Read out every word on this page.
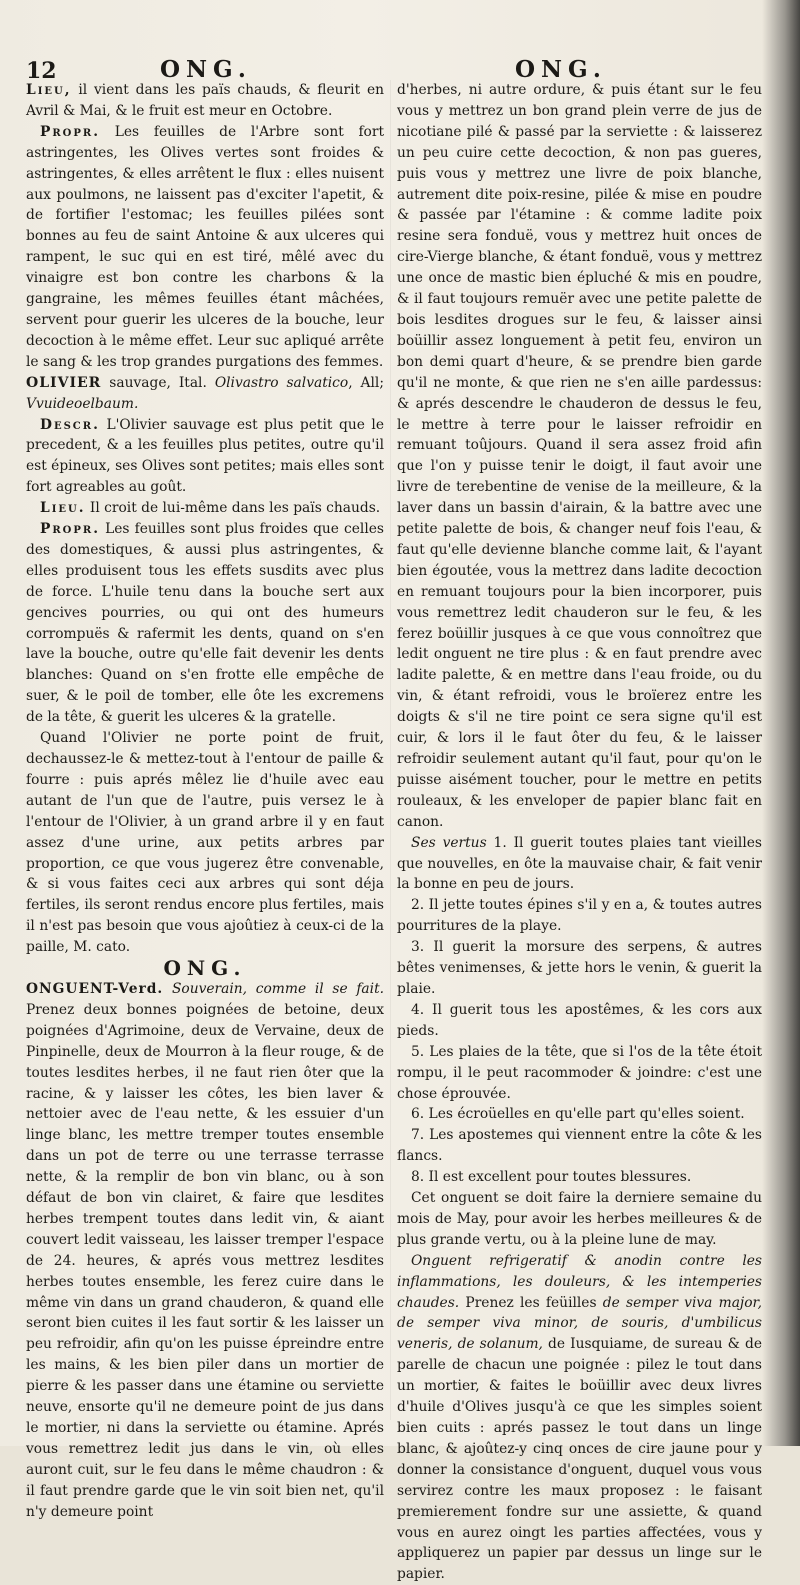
12	ONG.	ONG.

Lieu, il vient dans les païs chauds, & fleurit en Avril & Mai, & le fruit est meur en Octobre.

Propr. Les feuilles de l'Arbre sont fort astringentes, les Olives vertes sont froides & astringentes, & elles arrêtent le flux : elles nuisent aux poulmons, ne laissent pas d'exciter l'apetit, & de fortifier l'estomac; les feuilles pilées sont bonnes au feu de saint Antoine & aux ulceres qui rampent, le suc qui en est tiré, mêlé avec du vinaigre est bon contre les charbons & la gangraine, les mêmes feuilles étant mâchées, servent pour guerir les ulceres de la bouche, leur decoction à le même effet. Leur suc apliqué arrête le sang & les trop grandes purgations des femmes.

OLIVIER sauvage, Ital. Olivastro salvatico, All; Vvuideoelbaum.

Descr. L'Olivier sauvage est plus petit que le precedent, & a les feuilles plus petites, outre qu'il est épineux, ses Olives sont petites; mais elles sont fort agreables au goût.

Lieu. Il croit de lui-même dans les païs chauds.

Propr. Les feuilles sont plus froides que celles des domestiques, & aussi plus astringentes, & elles produisent tous les effets susdits avec plus de force. L'huile tenu dans la bouche sert aux gencives pourries, ou qui ont des humeurs corrompuës & rafermit les dents, quand on s'en lave la bouche, outre qu'elle fait devenir les dents blanches: Quand on s'en frotte elle empêche de suer, & le poil de tomber, elle ôte les excremens de la tête, & guerit les ulceres & la gratelle.

Quand l'Olivier ne porte point de fruit, dechaussez-le & mettez-tout à l'entour de paille & fourre : puis aprés mêlez lie d'huile avec eau autant de l'un que de l'autre, puis versez le à l'entour de l'Olivier, à un grand arbre il y en faut assez d'une urine, aux petits arbres par proportion, ce que vous jugerez être convenable, & si vous faites ceci aux arbres qui sont déja fertiles, ils seront rendus encore plus fertiles, mais il n'est pas besoin que vous ajoûtiez à ceux-ci de la paille, M. cato.

ONG.

ONGUENT-Verd. Souverain, comme il se fait. Prenez deux bonnes poignées de betoine, deux poignées d'Agrimoine, deux de Vervaine, deux de Pinpinelle, deux de Mourron à la fleur rouge, & de toutes lesdites herbes, il ne faut rien ôter que la racine, & y laisser les côtes, les bien laver & nettoier avec de l'eau nette, & les essuier d'un linge blanc, les mettre tremper toutes ensemble dans un pot de terre ou une terrasse terrasse nette, & la remplir de bon vin blanc, ou à son défaut de bon vin clairet, & faire que lesdites herbes trempent toutes dans ledit vin, & aiant couvert ledit vaisseau, les laisser tremper l'espace de 24. heures, & aprés vous mettrez lesdites herbes toutes ensemble, les ferez cuire dans le même vin dans un grand chauderon, & quand elle seront bien cuites il les faut sortir & les laisser un peu refroidir, afin qu'on les puisse épreindre entre les mains, & les bien piler dans un mortier de pierre & les passer dans une étamine ou serviette neuve, ensorte qu'il ne demeure point de jus dans le mortier, ni dans la serviette ou étamine. Aprés vous remettrez ledit jus dans le vin, où elles auront cuit, sur le feu dans le même chaudron : & il faut prendre garde que le vin soit bien net, qu'il n'y demeure point

d'herbes, ni autre ordure, & puis étant sur le feu vous y mettrez un bon grand plein verre de jus de nicotiane pilé & passé par la serviette : & laisserez un peu cuire cette decoction, & non pas gueres, puis vous y mettrez une livre de poix blanche, autrement dite poix-resine, pilée & mise en poudre & passée par l'étamine : & comme ladite poix resine sera fonduë, vous y mettrez huit onces de cire-Vierge blanche, & étant fonduë, vous y mettrez une once de mastic bien épluché & mis en poudre, & il faut toujours remuër avec une petite palette de bois lesdites drogues sur le feu, & laisser ainsi boüillir assez longuement à petit feu, environ un bon demi quart d'heure, & se prendre bien garde qu'il ne monte, & que rien ne s'en aille pardessus: & aprés descendre le chauderon de dessus le feu, le mettre à terre pour le laisser refroidir en remuant toûjours. Quand il sera assez froid afin que l'on y puisse tenir le doigt, il faut avoir une livre de terebentine de venise de la meilleure, & la laver dans un bassin d'airain, & la battre avec une petite palette de bois, & changer neuf fois l'eau, & faut qu'elle devienne blanche comme lait, & l'ayant bien égoutée, vous la mettrez dans ladite decoction en remuant toujours pour la bien incorporer, puis vous remettrez ledit chauderon sur le feu, & les ferez boüillir jusques à ce que vous connoîtrez que ledit onguent ne tire plus : & en faut prendre avec ladite palette, & en mettre dans l'eau froide, ou du vin, & étant refroidi, vous le broïerez entre les doigts & s'il ne tire point ce sera signe qu'il est cuir, & lors il le faut ôter du feu, & le laisser refroidir seulement autant qu'il faut, pour qu'on le puisse aisément toucher, pour le mettre en petits rouleaux, & les enveloper de papier blanc fait en canon.

Ses vertus 1. Il guerit toutes plaies tant vieilles que nouvelles, en ôte la mauvaise chair, & fait venir la bonne en peu de jours.

2. Il jette toutes épines s'il y en a, & toutes autres pourritures de la playe.

3. Il guerit la morsure des serpens, & autres bêtes venimenses, & jette hors le venin, & guerit la plaie.

4. Il guerit tous les apostêmes, & les cors aux pieds.

5. Les plaies de la tête, que si l'os de la tête étoit rompu, il le peut racommoder & joindre: c'est une chose éprouvée.

6. Les écroüelles en qu'elle part qu'elles soient.

7. Les apostemes qui viennent entre la côte & les flancs.

8. Il est excellent pour toutes blessures.

Cet onguent se doit faire la derniere semaine du mois de May, pour avoir les herbes meilleures & de plus grande vertu, ou à la pleine lune de may.

Onguent refrigeratif & anodin contre les inflammations, les douleurs, & les intemperies chaudes. Prenez les feüilles de semper viva major, de semper viva minor, de souris, d'umbilicus veneris, de solanum, de Iusquiame, de sureau & de parelle de chacun une poignée : pilez le tout dans un mortier, & faites le boüillir avec deux livres d'huile d'Olives jusqu'à ce que les simples soient bien cuits : aprés passez le tout dans un linge blanc, & ajoûtez-y cinq onces de cire jaune pour y donner la consistance d'onguent, duquel vous vous servirez contre les maux proposez : le faisant premierement fondre sur une assiette, & quand vous en aurez oingt les parties affectées, vous y appliquerez un papier par dessus un linge sur le papier.
